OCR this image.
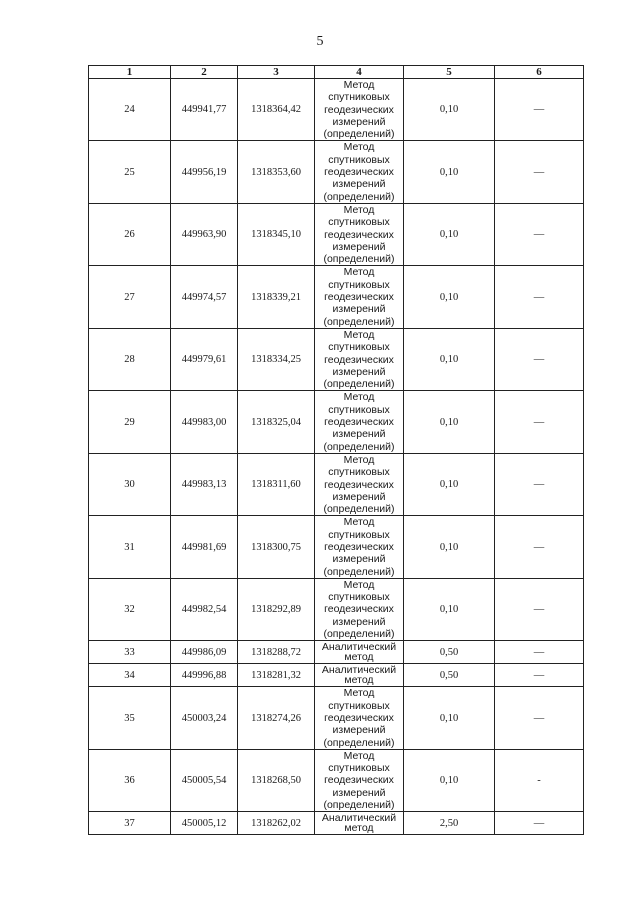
5
1	2	3	4	5	6
24	449941,77	1318364,42	Метод
спутниковых
геодезических
измерений
(определений)	0,10	—
25	449956,19	1318353,60	Метод
спутниковых
геодезических
измерений
(определений)	0,10	—
26	449963,90	1318345,10	Метод
спутниковых
геодезических
измерений
(определений)	0,10	—
27	449974,57	1318339,21	Метод
спутниковых
геодезических
измерений
(определений)	0,10	—
28	449979,61	1318334,25	Метод
спутниковых
геодезических
измерений
(определений)	0,10	—
29	449983,00	1318325,04	Метод
спутниковых
геодезических
измерений
(определений)	0,10	—
30	449983,13	1318311,60	Метод
спутниковых
геодезических
измерений
(определений)	0,10	—
31	449981,69	1318300,75	Метод
спутниковых
геодезических
измерений
(определений)	0,10	—
32	449982,54	1318292,89	Метод
спутниковых
геодезических
измерений
(определений)	0,10	—
33	449986,09	1318288,72	Аналитический
метод	0,50	—
34	449996,88	1318281,32	Аналитический
метод	0,50	—
35	450003,24	1318274,26	Метод
спутниковых
геодезических
измерений
(определений)	0,10	—
36	450005,54	1318268,50	Метод
спутниковых
геодезических
измерений
(определений)	0,10	-
37	450005,12	1318262,02	Аналитический
метод	2,50	—
